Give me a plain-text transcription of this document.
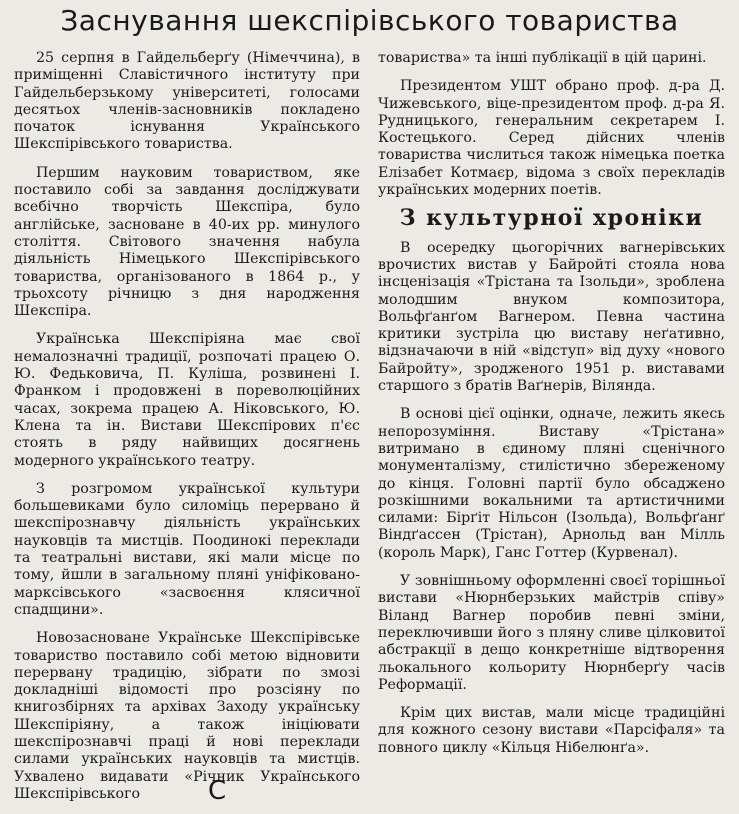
Заснування шекспірівського товариства

25 серпня в Гайдельберґу (Німеччина), в приміщенні Славістичного інституту при Гайдельберзькому університеті, голосами десятьох членів-засновників покладено початок існування Українського Шекспірівського товариства.

Першим науковим товариством, яке поставило собі за завдання досліджувати всебічно творчість Шекспіра, було англійське, засноване в 40-их рр. минулого століття. Світового значення набула діяльність Німецького Шекспірівського товариства, організованого в 1864 р., у трьохсоту річницю з дня народження Шекспіра.

Українська Шекспіріяна має свої немалозначні традиції, розпочаті працею О. Ю. Федьковича, П. Куліша, розвинені І. Франком і продовжені в пореволюційних часах, зокрема працею А. Ніковського, Ю. Клена та ін. Вистави Шекспірових п'єс стоять в ряду найвищих досягнень модерного українського театру.

З розгромом української культури большевиками було силоміць перервано й шекспірознавчу діяльність українських науковців та мистців. Поодинокі переклади та театральні вистави, які мали місце по тому, йшли в загальному пляні уніфіковано-марксівського «засвоєння клясичної спадщини».

Новозасноване Українське Шекспірівське товариство поставило собі метою відновити перервану традицію, зібрати по змозі докладніші відомості про розсіяну по книгозбірнях та архівах Заходу українську Шекспіріяну, а також ініціювати шекспірознавчі праці й нові переклади силами українських науковців та мистців. Ухвалено видавати «Річник Українського Шекспірівського

товариства» та інші публікації в цій царині.

Президентом УШТ обрано проф. д-ра Д. Чижевського, віце-президентом проф. д-ра Я. Рудницького, генеральним секретарем І. Костецького. Серед дійсних членів товариства числиться також німецька поетка Елізабет Котмаєр, відома з своїх перекладів українських модерних поетів.

З культурної хроніки

В осередку цьогорічних вагнерівських врочистих вистав у Байройті стояла нова інсценізація «Трістана та Ізольди», зроблена молодшим внуком композитора, Вольфґанґом Вагнером. Певна частина критики зустріла цю виставу неґативно, відзначаючи в ній «відступ» від духу «нового Байройту», зродженого 1951 р. виставами старшого з братів Ваґнерів, Віляндa.

В основі цієї оцінки, одначе, лежить якесь непорозуміння. Виставу «Трістана» витримано в єдиному пляні сценічного монументалізму, стилістично збереженому до кінця. Головні партії було обсаджено розкішними вокальними та артистичними силами: Бірґіт Нільсон (Ізольда), Вольфґанґ Віндґассен (Трістан), Арнольд ван Мілль (король Марк), Ганс Готтер (Курвенал).

У зовнішньому оформленні своєї торішньої вистави «Нюрнберзьких майстрів співу» Віланд Вагнер поробив певні зміни, переключивши його з пляну сливе цілковитої абстракції в дещо конкретніше відтворення льокального кольориту Нюрнберґу часів Реформації.

Крім цих вистав, мали місце традиційні для кожного сезону вистави «Парсіфаля» та повного циклу «Кільця Нібелюнґа».

С
